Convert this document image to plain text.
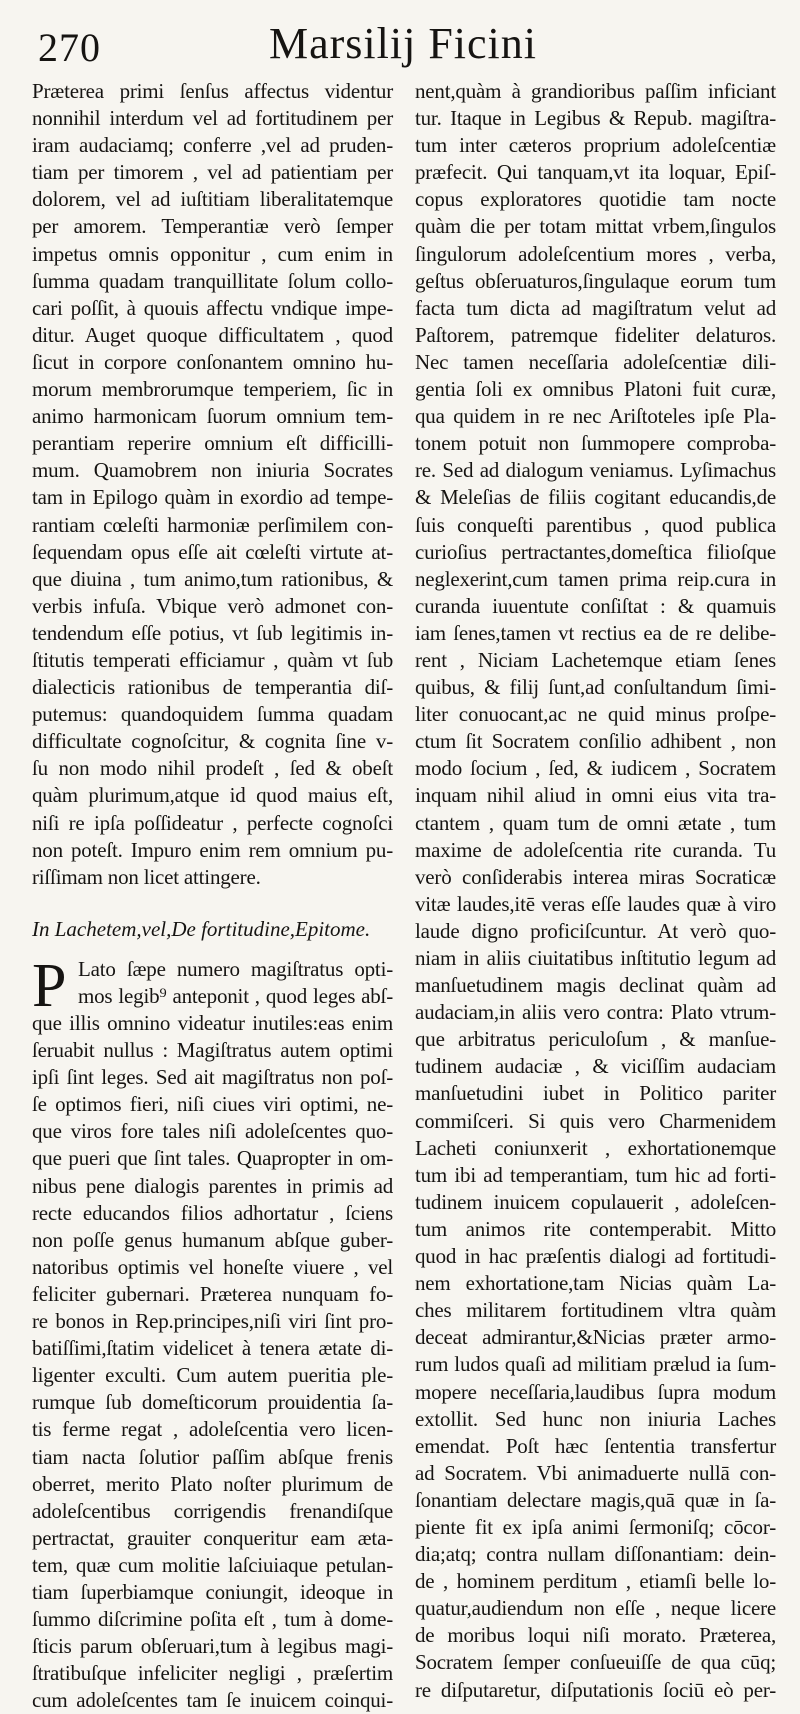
270	Marsilij Ficini
Præterea primi ſenſus affectus videntur
nonnihil interdum vel ad fortitudinem per
iram audaciamq; conferre ,vel ad pruden-
tiam per timorem , vel ad patientiam per
dolorem, vel ad iuſtitiam liberalitatemque
per amorem. Temperantiæ verò ſemper
impetus omnis opponitur , cum enim in
ſumma quadam tranquillitate ſolum collo-
cari poſſit, à quouis affectu vndique impe-
ditur. Auget quoque difficultatem , quod
ſicut in corpore conſonantem omnino hu-
morum membrorumque temperiem, ſic in
animo harmonicam ſuorum omnium tem-
perantiam reperire omnium eſt difficilli-
mum. Quamobrem non iniuria Socrates
tam in Epilogo quàm in exordio ad tempe-
rantiam cœleſti harmoniæ perſimilem con-
ſequendam opus eſſe ait cœleſti virtute at-
que diuina , tum animo,tum rationibus, &
verbis infuſa. Vbique verò admonet con-
tendendum eſſe potius, vt ſub legitimis in-
ſtitutis temperati efficiamur , quàm vt ſub
dialecticis rationibus de temperantia diſ-
putemus: quandoquidem ſumma quadam
difficultate cognoſcitur, & cognita ſine v-
ſu non modo nihil prodeſt , ſed & obeſt
quàm plurimum,atque id quod maius eſt,
niſi re ipſa poſſideatur , perfecte cognoſci
non poteſt. Impuro enim rem omnium pu-
riſſimam non licet attingere.
In Lachetem,vel,De fortitudine,Epitome.
P Lato ſæpe numero magiſtratus opti-
mos legib⁹ anteponit , quod leges abſ-
que illis omnino videatur inutiles:eas enim
ſeruabit nullus : Magiſtratus autem optimi
ipſi ſint leges. Sed ait magiſtratus non poſ-
ſe optimos fieri, niſi ciues viri optimi, ne-
que viros fore tales niſi adoleſcentes quo-
que pueri que ſint tales. Quapropter in om-
nibus pene dialogis parentes in primis ad
recte educandos filios adhortatur , ſciens
non poſſe genus humanum abſque guber-
natoribus optimis vel honeſte viuere , vel
feliciter gubernari. Præterea nunquam fo-
re bonos in Rep.principes,niſi viri ſint pro-
batiſſimi,ſtatim videlicet à tenera ætate di-
ligenter exculti. Cum autem pueritia ple-
rumque ſub domeſticorum prouidentia ſa-
tis ferme regat , adoleſcentia vero licen-
tiam nacta ſolutior paſſim abſque frenis
oberret, merito Plato noſter plurimum de
adoleſcentibus corrigendis frenandiſque
pertractat, grauiter conqueritur eam æta-
tem, quæ cum molitie laſciuiaque petulan-
tiam ſuperbiamque coniungit, ideoque in
ſummo diſcrimine poſita eſt , tum à dome-
ſticis parum obſeruari,tum à legibus magi-
ſtratibuſque infeliciter negligi , præſertim
cum adoleſcentes tam ſe inuicem coinqui-
nent,quàm à grandioribus paſſim inficiant
tur. Itaque in Legibus & Repub. magiſtra-
tum inter cæteros proprium adoleſcentiæ
præfecit. Qui tanquam,vt ita loquar, Epiſ-
copus exploratores quotidie tam nocte
quàm die per totam mittat vrbem,ſingulos
ſingulorum adoleſcentium mores , verba,
geſtus obſeruaturos,ſingulaque eorum tum
facta tum dicta ad magiſtratum velut ad
Paſtorem, patremque fideliter delaturos.
Nec tamen neceſſaria adoleſcentiæ dili-
gentia ſoli ex omnibus Platoni fuit curæ,
qua quidem in re nec Ariſtoteles ipſe Pla-
tonem potuit non ſummopere comproba-
re. Sed ad dialogum veniamus. Lyſimachus
& Meleſias de filiis cogitant educandis,de
ſuis conqueſti parentibus , quod publica
curioſius pertractantes,domeſtica filioſque
neglexerint,cum tamen prima reip.cura in
curanda iuuentute conſiſtat : & quamuis
iam ſenes,tamen vt rectius ea de re delibe-
rent , Niciam Lachetemque etiam ſenes
quibus, & filij ſunt,ad conſultandum ſimi-
liter conuocant,ac ne quid minus proſpe-
ctum ſit Socratem conſilio adhibent , non
modo ſocium , ſed, & iudicem , Socratem
inquam nihil aliud in omni eius vita tra-
ctantem , quam tum de omni ætate , tum
maxime de adoleſcentia rite curanda. Tu
verò conſiderabis interea miras Socraticæ
vitæ laudes,itē veras eſſe laudes quæ à viro
laude digno proficiſcuntur. At verò quo-
niam in aliis ciuitatibus inſtitutio legum ad
manſuetudinem magis declinat quàm ad
audaciam,in aliis vero contra: Plato vtrum-
que arbitratus periculoſum , & manſue-
tudinem audaciæ , & viciſſim audaciam
manſuetudini iubet in Politico pariter
commiſceri. Si quis vero Charmenidem
Lacheti coniunxerit , exhortationemque
tum ibi ad temperantiam, tum hic ad forti-
tudinem inuicem copulauerit , adoleſcen-
tum animos rite contemperabit. Mitto
quod in hac præſentis dialogi ad fortitudi-
nem exhortatione,tam Nicias quàm La-
ches militarem fortitudinem vltra quàm
deceat admirantur,&Nicias præter armo-
rum ludos quaſi ad militiam prælud ia ſum-
mopere neceſſaria,laudibus ſupra modum
extollit. Sed hunc non iniuria Laches
emendat. Poſt hæc ſententia transfertur
ad Socratem. Vbi animaduerte nullā con-
ſonantiam delectare magis,quā quæ in ſa-
piente fit ex ipſa animi ſermoniſq; cōcor-
dia;atq; contra nullam diſſonantiam: dein-
de , hominem perditum , etiamſi belle lo-
quatur,audiendum non eſſe , neque licere
de moribus loqui niſi morato. Præterea,
Socratem ſemper conſueuiſſe de qua cūq;
re diſputaretur, diſputationis ſociū eò per-
